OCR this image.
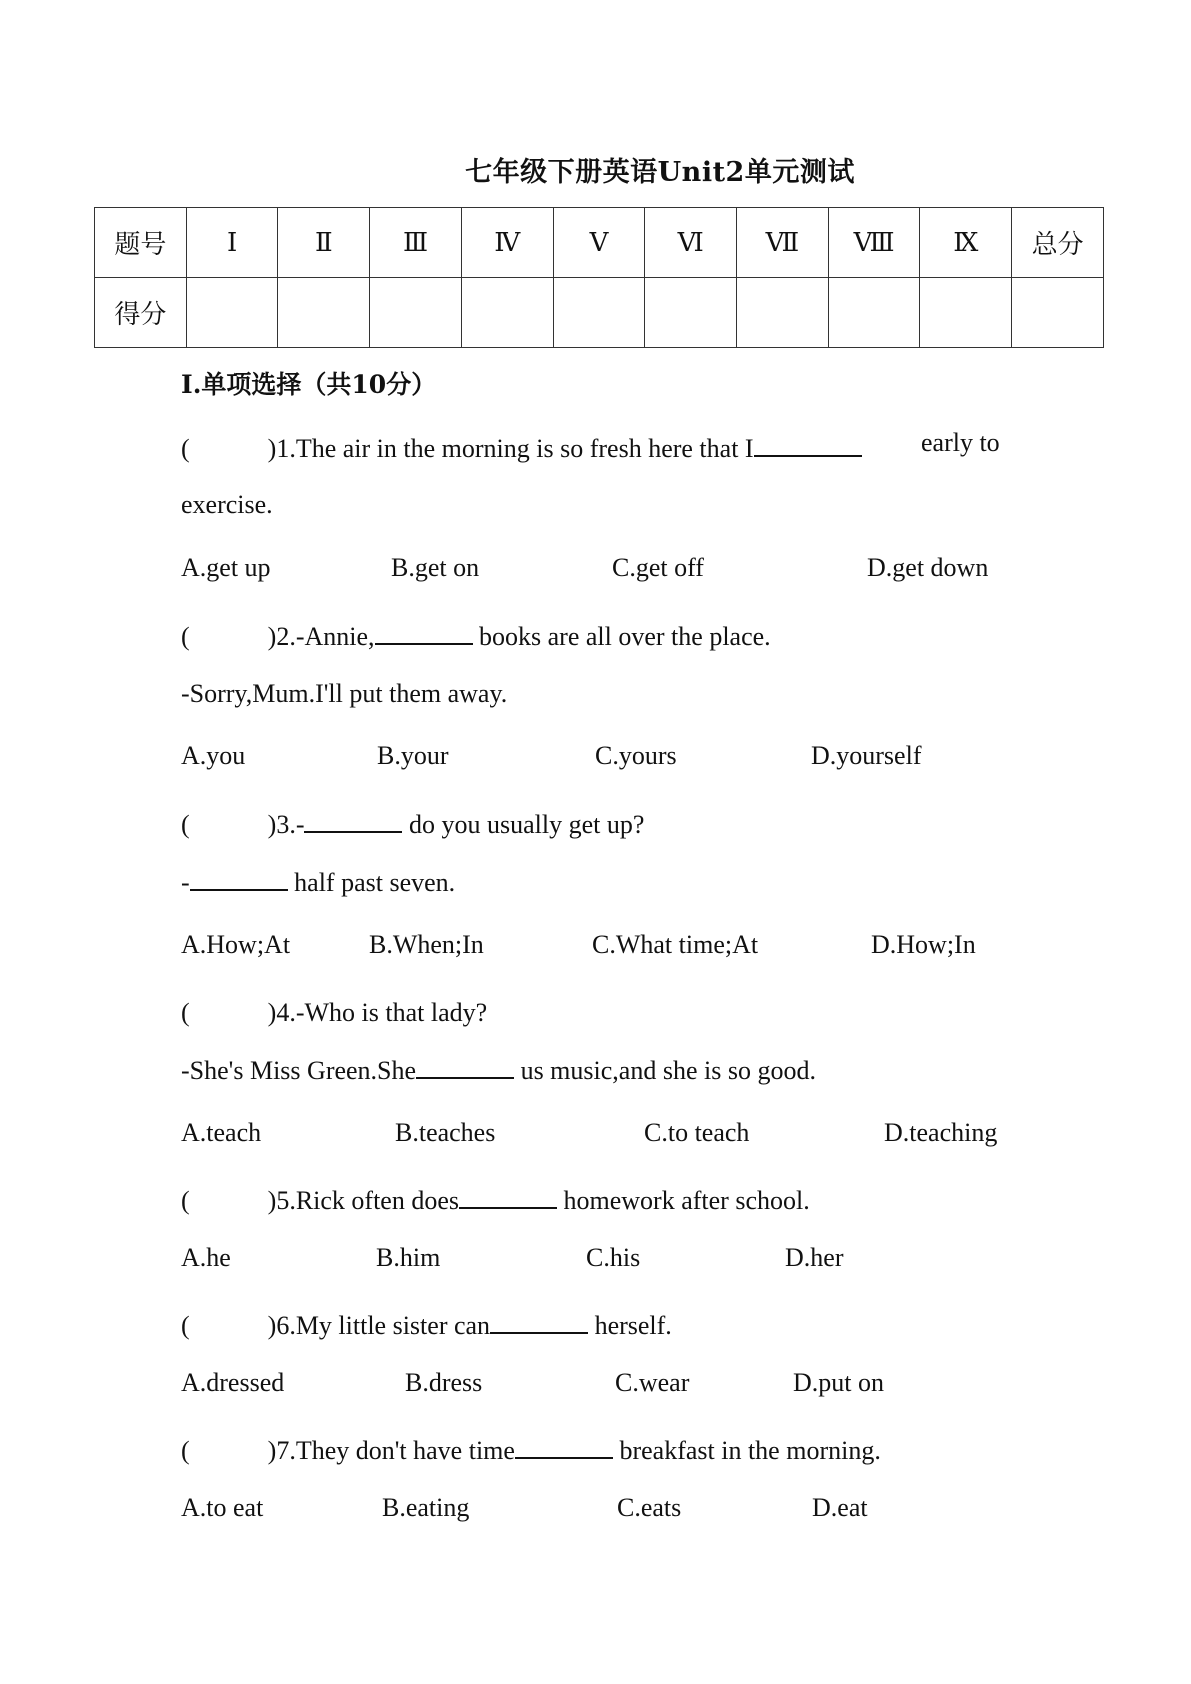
七年级下册英语Unit2单元测试
题号	Ⅰ	Ⅱ	Ⅲ	Ⅳ	Ⅴ	Ⅵ	Ⅶ	Ⅷ	Ⅸ	总分
得分										
I.单项选择（共10分）
(　　　)1.The air in the morning is so fresh here that I	early to
exercise.
A.get up	B.get on	C.get off	D.get down
(　　　)2.-Annie,	books are all over the place.
-Sorry,Mum.I'll put them away.
A.you	B.your	C.yours	D.yourself
(　　　)3.-	do you usually get up?
-	half past seven.
A.How;At	B.When;In	C.What time;At	D.How;In
(　　　)4.-Who is that lady?
-She's Miss Green.She	us music,and she is so good.
A.teach	B.teaches	C.to teach	D.teaching
(　　　)5.Rick often does	homework after school.
A.he	B.him	C.his	D.her
(　　　)6.My little sister can	herself.
A.dressed	B.dress	C.wear	D.put on
(　　　)7.They don't have time	breakfast in the morning.
A.to eat	B.eating	C.eats	D.eat
